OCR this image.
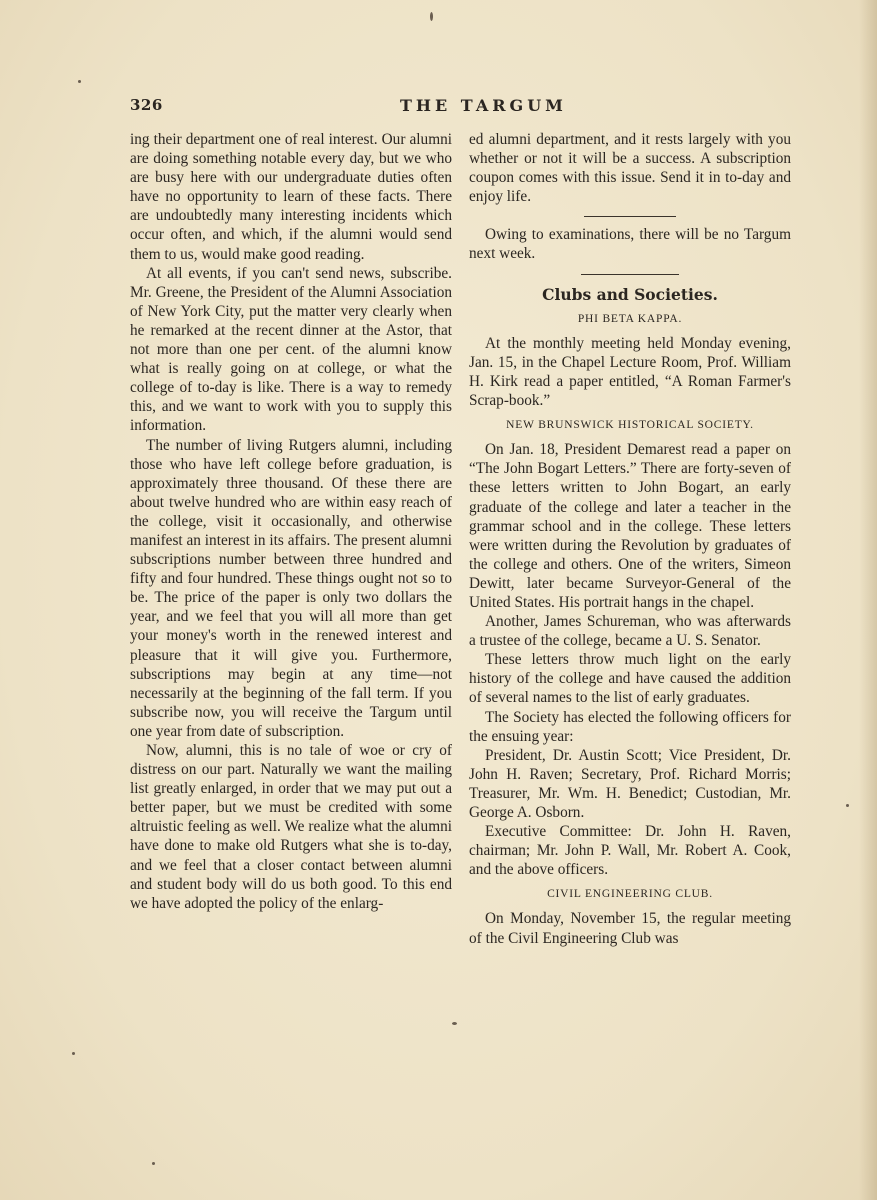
326	THE TARGUM

ing their department one of real interest. Our alumni are doing something notable every day, but we who are busy here with our undergraduate duties often have no opportunity to learn of these facts. There are undoubtedly many interesting incidents which occur often, and which, if the alumni would send them to us, would make good reading.

At all events, if you can't send news, subscribe. Mr. Greene, the President of the Alumni Association of New York City, put the matter very clearly when he remarked at the recent dinner at the Astor, that not more than one per cent. of the alumni know what is really going on at college, or what the college of to-day is like. There is a way to remedy this, and we want to work with you to supply this information.

The number of living Rutgers alumni, including those who have left college before graduation, is approximately three thousand. Of these there are about twelve hundred who are within easy reach of the college, visit it occasionally, and otherwise manifest an interest in its affairs. The present alumni subscriptions number between three hundred and fifty and four hundred. These things ought not so to be. The price of the paper is only two dollars the year, and we feel that you will all more than get your money's worth in the renewed interest and pleasure that it will give you. Furthermore, subscriptions may begin at any time—not necessarily at the beginning of the fall term. If you subscribe now, you will receive the Targum until one year from date of subscription.

Now, alumni, this is no tale of woe or cry of distress on our part. Naturally we want the mailing list greatly enlarged, in order that we may put out a better paper, but we must be credited with some altruistic feeling as well. We realize what the alumni have done to make old Rutgers what she is to-day, and we feel that a closer contact between alumni and student body will do us both good. To this end we have adopted the policy of the enlarg-

ed alumni department, and it rests largely with you whether or not it will be a success. A subscription coupon comes with this issue. Send it in to-day and enjoy life.

Owing to examinations, there will be no Targum next week.

Clubs and Societies.
PHI BETA KAPPA.

At the monthly meeting held Monday evening, Jan. 15, in the Chapel Lecture Room, Prof. William H. Kirk read a paper entitled, “A Roman Farmer's Scrap-book.”

NEW BRUNSWICK HISTORICAL SOCIETY.

On Jan. 18, President Demarest read a paper on “The John Bogart Letters.” There are forty-seven of these letters written to John Bogart, an early graduate of the college and later a teacher in the grammar school and in the college. These letters were written during the Revolution by graduates of the college and others. One of the writers, Simeon Dewitt, later became Surveyor-General of the United States. His portrait hangs in the chapel.

Another, James Schureman, who was afterwards a trustee of the college, became a U. S. Senator.

These letters throw much light on the early history of the college and have caused the addition of several names to the list of early graduates.

The Society has elected the following officers for the ensuing year:

President, Dr. Austin Scott; Vice President, Dr. John H. Raven; Secretary, Prof. Richard Morris; Treasurer, Mr. Wm. H. Benedict; Custodian, Mr. George A. Osborn.

Executive Committee: Dr. John H. Raven, chairman; Mr. John P. Wall, Mr. Robert A. Cook, and the above officers.

CIVIL ENGINEERING CLUB.

On Monday, November 15, the regular meeting of the Civil Engineering Club was
